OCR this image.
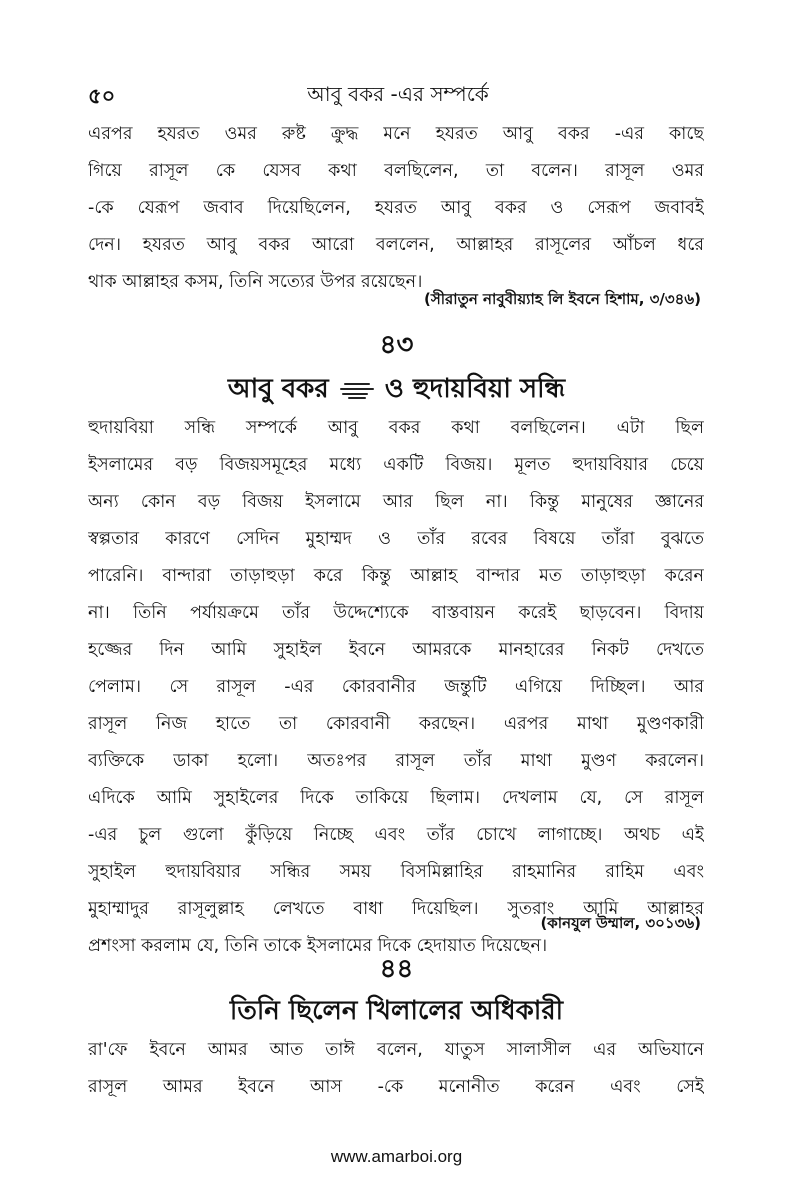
৫০	আবু বকর -এর সম্পর্কে
এরপর হযরত ওমর রুষ্ট ক্রুদ্ধ মনে হযরত আবু বকর -এর কাছে
গিয়ে রাসূল কে যেসব কথা বলছিলেন, তা বলেন। রাসূল ওমর
-কে যেরূপ জবাব দিয়েছিলেন, হযরত আবু বকর ও সেরূপ জবাবই
দেন। হযরত আবু বকর আরো বললেন, আল্লাহর রাসূলের আঁচল ধরে
থাক আল্লাহর কসম, তিনি সত্যের উপর রয়েছেন।
(সীরাতুন নাবুবীয়্যাহ লি ইবনে হিশাম, ৩/৩৪৬)
৪৩
আবু বকর ও হুদায়বিয়া সন্ধি
হুদায়বিয়া সন্ধি সম্পর্কে আবু বকর কথা বলছিলেন। এটা ছিল
ইসলামের বড় বিজয়সমূহের মধ্যে একটি বিজয়। মূলত হুদায়বিয়ার চেয়ে
অন্য কোন বড় বিজয় ইসলামে আর ছিল না। কিন্তু মানুষের জ্ঞানের
স্বল্পতার কারণে সেদিন মুহাম্মদ ও তাঁর রবের বিষয়ে তাঁরা বুঝতে
পারেনি। বান্দারা তাড়াহুড়া করে কিন্তু আল্লাহ বান্দার মত তাড়াহুড়া করেন
না। তিনি পর্যায়ক্রমে তাঁর উদ্দেশ্যেকে বাস্তবায়ন করেই ছাড়বেন। বিদায়
হজ্জের দিন আমি সুহাইল ইবনে আমরকে মানহারের নিকট দেখতে
পেলাম। সে রাসূল -এর কোরবানীর জন্তুটি এগিয়ে দিচ্ছিল। আর
রাসূল নিজ হাতে তা কোরবানী করছেন। এরপর মাথা মুণ্ডণকারী
ব্যক্তিকে ডাকা হলো। অতঃপর রাসূল তাঁর মাথা মুণ্ডণ করলেন।
এদিকে আমি সুহাইলের দিকে তাকিয়ে ছিলাম। দেখলাম যে, সে রাসূল
-এর চুল গুলো কুঁড়িয়ে নিচ্ছে এবং তাঁর চোখে লাগাচ্ছে। অথচ এই
সুহাইল হুদায়বিয়ার সন্ধির সময় বিসমিল্লাহির রাহমানির রাহিম এবং
মুহাম্মাদুর রাসূলুল্লাহ লেখতে বাধা দিয়েছিল। সুতরাং আমি আল্লাহর
প্রশংসা করলাম যে, তিনি তাকে ইসলামের দিকে হেদায়াত দিয়েছেন।
(কানযুল উম্মাল, ৩০১৩৬)
৪৪
তিনি ছিলেন খিলালের অধিকারী
রা'ফে ইবনে আমর আত তাঈ বলেন, যাতুস সালাসীল এর অভিযানে
রাসূল আমর ইবনে আস -কে মনোনীত করেন এবং সেই
www.amarboi.org
